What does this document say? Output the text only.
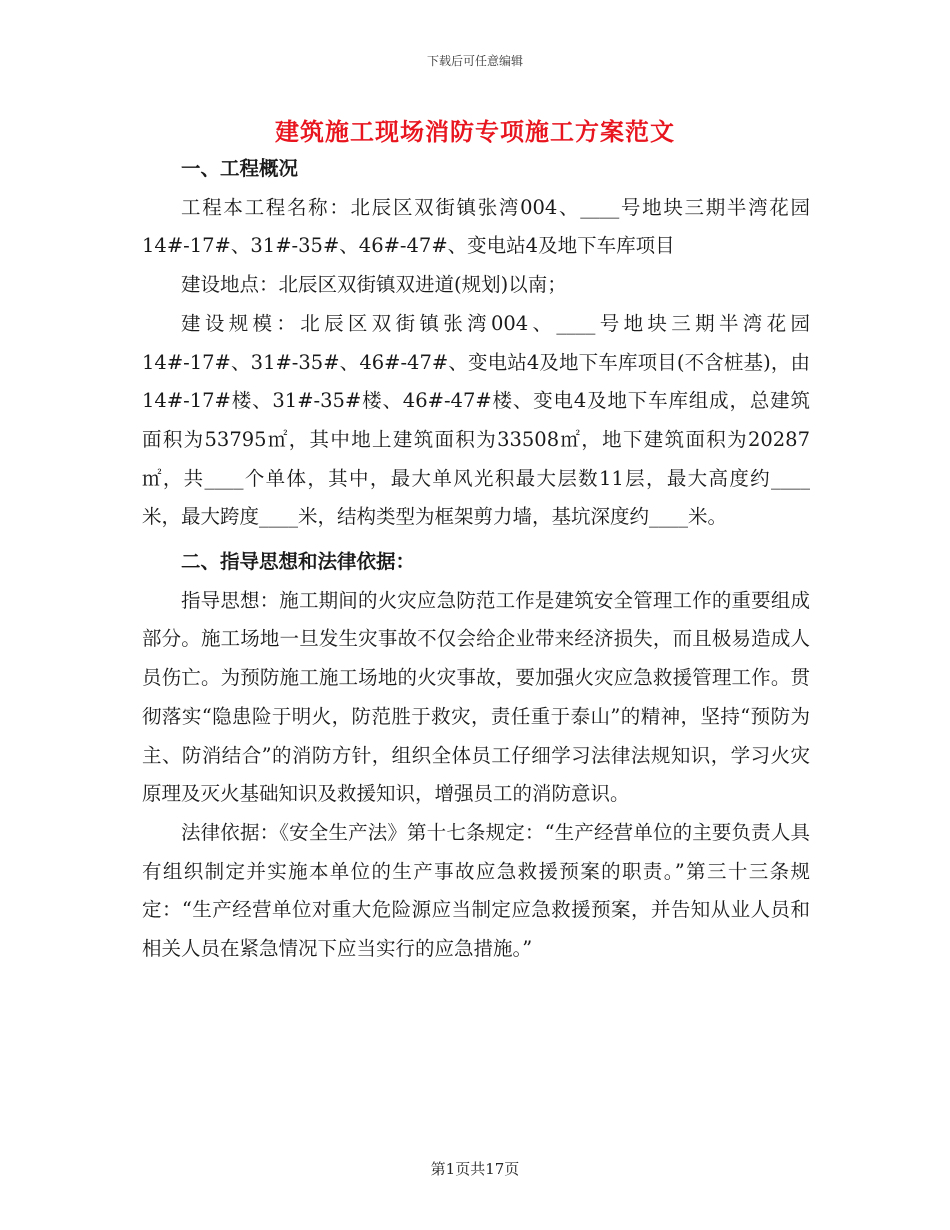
下载后可任意编辑
建筑施工现场消防专项施工方案范文
一、工程概况

工程本工程名称：北辰区双街镇张湾004、____号地块三期半湾花园14#-17#、31#-35#、46#-47#、变电站4及地下车库项目

建设地点：北辰区双街镇双进道(规划)以南；

建设规模：北辰区双街镇张湾004、____号地块三期半湾花园14#-17#、31#-35#、46#-47#、变电站4及地下车库项目(不含桩基)，由14#-17#楼、31#-35#楼、46#-47#楼、变电4及地下车库组成，总建筑面积为53795㎡，其中地上建筑面积为33508㎡，地下建筑面积为20287㎡，共____个单体，其中，最大单风光积最大层数11层，最大高度约____米，最大跨度____米，结构类型为框架剪力墙，基坑深度约____米。

二、指导思想和法律依据：

指导思想：施工期间的火灾应急防范工作是建筑安全管理工作的重要组成部分。施工场地一旦发生灾事故不仅会给企业带来经济损失，而且极易造成人员伤亡。为预防施工施工场地的火灾事故，要加强火灾应急救援管理工作。贯彻落实“隐患险于明火，防范胜于救灾，责任重于泰山”的精神，坚持“预防为主、防消结合”的消防方针，组织全体员工仔细学习法律法规知识，学习火灾原理及灭火基础知识及救援知识，增强员工的消防意识。

法律依据：《安全生产法》第十七条规定：“生产经营单位的主要负责人具有组织制定并实施本单位的生产事故应急救援预案的职责。”第三十三条规定：“生产经营单位对重大危险源应当制定应急救援预案，并告知从业人员和相关人员在紧急情况下应当实行的应急措施。”

第1页共17页
